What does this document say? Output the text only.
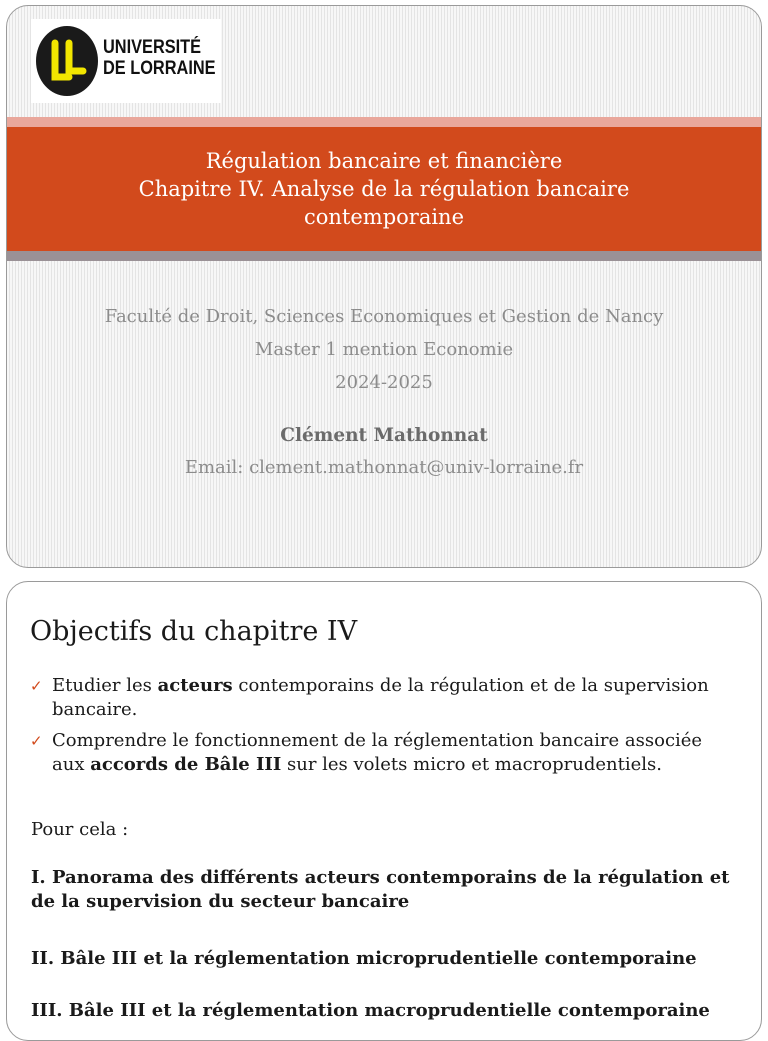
UNIVERSITÉ
DE LORRAINE
Régulation bancaire et financière
Chapitre IV. Analyse de la régulation bancaire
contemporaine
Faculté de Droit, Sciences Economiques et Gestion de Nancy
Master 1 mention Economie
2024-2025
Clément Mathonnat
Email: clement.mathonnat@univ-lorraine.fr
Objectifs du chapitre IV
✓ Etudier les acteurs contemporains de la régulation et de la supervision bancaire.
✓ Comprendre le fonctionnement de la réglementation bancaire associée aux accords de Bâle III sur les volets micro et macroprudentiels.
Pour cela :
I. Panorama des différents acteurs contemporains de la régulation et de la supervision du secteur bancaire
II. Bâle III et la réglementation microprudentielle contemporaine
III. Bâle III et la réglementation macroprudentielle contemporaine
